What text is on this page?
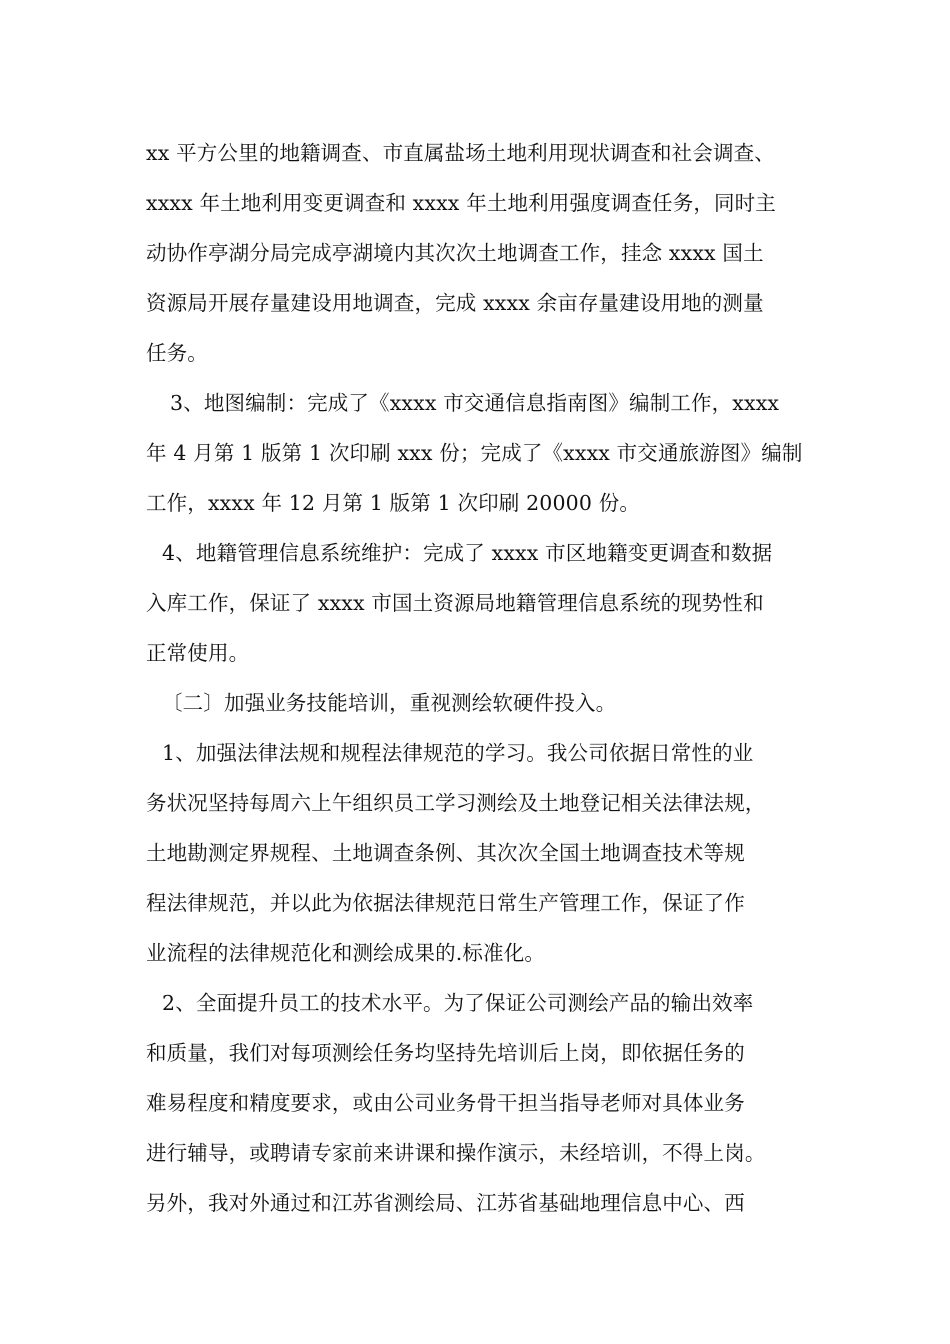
xx 平方公里的地籍调查、市直属盐场土地利用现状调查和社会调查、
xxxx 年土地利用变更调查和 xxxx 年土地利用强度调查任务，同时主
动协作亭湖分局完成亭湖境内其次次土地调查工作，挂念 xxxx 国土
资源局开展存量建设用地调查，完成 xxxx 余亩存量建设用地的测量
任务。
3、地图编制：完成了《xxxx 市交通信息指南图》编制工作，xxxx
年 4 月第 1 版第 1 次印刷 xxx 份；完成了《xxxx 市交通旅游图》编制
工作，xxxx 年 12 月第 1 版第 1 次印刷 20000 份。
4、地籍管理信息系统维护：完成了 xxxx 市区地籍变更调查和数据
入库工作，保证了 xxxx 市国土资源局地籍管理信息系统的现势性和
正常使用。
〔二〕加强业务技能培训，重视测绘软硬件投入。
1、加强法律法规和规程法律规范的学习。我公司依据日常性的业
务状况坚持每周六上午组织员工学习测绘及土地登记相关法律法规，
土地勘测定界规程、土地调查条例、其次次全国土地调查技术等规
程法律规范，并以此为依据法律规范日常生产管理工作，保证了作
业流程的法律规范化和测绘成果的.标准化。
2、全面提升员工的技术水平。为了保证公司测绘产品的输出效率
和质量，我们对每项测绘任务均坚持先培训后上岗，即依据任务的
难易程度和精度要求，或由公司业务骨干担当指导老师对具体业务
进行辅导，或聘请专家前来讲课和操作演示，未经培训，不得上岗。
另外，我对外通过和江苏省测绘局、江苏省基础地理信息中心、西
